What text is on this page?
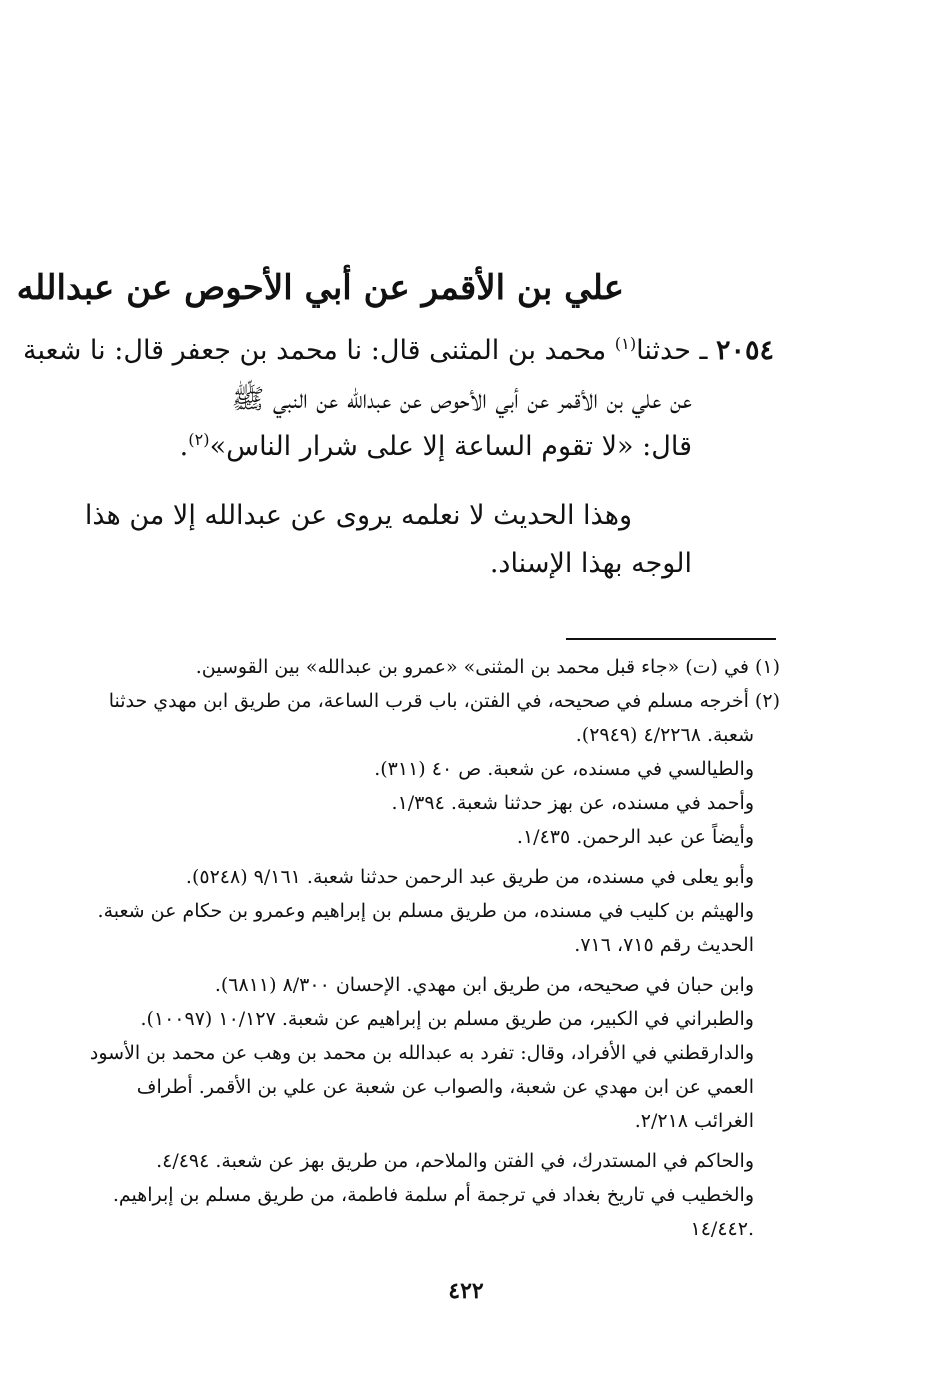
علي بن الأقمر عن أبي الأحوص عن عبدالله
٢٠٥٤ ـ حدثنا$^{(١)}$ محمد بن المثنى قال: نا محمد بن جعفر قال: نا شعبة
عن علي بن الأقمر عن أبي الأحوص عن عبدالله عن النبي ﷺ
قال: «لا تقوم الساعة إلا على شرار الناس»$^{(٢)}$.
وهذا الحديث لا نعلمه يروى عن عبدالله إلا من هذا
الوجه بهذا الإسناد.
(١) في (ت) «جاء قبل محمد بن المثنى» «عمرو بن عبدالله» بين القوسين.
(٢) أخرجه مسلم في صحيحه، في الفتن، باب قرب الساعة، من طريق ابن مهدي حدثنا
شعبة. ٤/٢٢٦٨ (٢٩٤٩).
والطيالسي في مسنده، عن شعبة. ص ٤٠ (٣١١).
وأحمد في مسنده، عن بهز حدثنا شعبة. ١/٣٩٤.
وأيضاً عن عبد الرحمن. ١/٤٣٥.
وأبو يعلى في مسنده، من طريق عبد الرحمن حدثنا شعبة. ٩/١٦١ (٥٢٤٨).
والهيثم بن كليب في مسنده، من طريق مسلم بن إبراهيم وعمرو بن حكام عن شعبة.
الحديث رقم ٧١٥، ٧١٦.
وابن حبان في صحيحه، من طريق ابن مهدي. الإحسان ٨/٣٠٠ (٦٨١١).
والطبراني في الكبير، من طريق مسلم بن إبراهيم عن شعبة. ١٠/١٢٧ (١٠٠٩٧).
والدارقطني في الأفراد، وقال: تفرد به عبدالله بن محمد بن وهب عن محمد بن الأسود
العمي عن ابن مهدي عن شعبة، والصواب عن شعبة عن علي بن الأقمر. أطراف
الغرائب ٢/٢١٨.
والحاكم في المستدرك، في الفتن والملاحم، من طريق بهز عن شعبة. ٤/٤٩٤.
والخطيب في تاريخ بغداد في ترجمة أم سلمة فاطمة، من طريق مسلم بن إبراهيم.
١٤/٤٤٢.
٤٢٢
